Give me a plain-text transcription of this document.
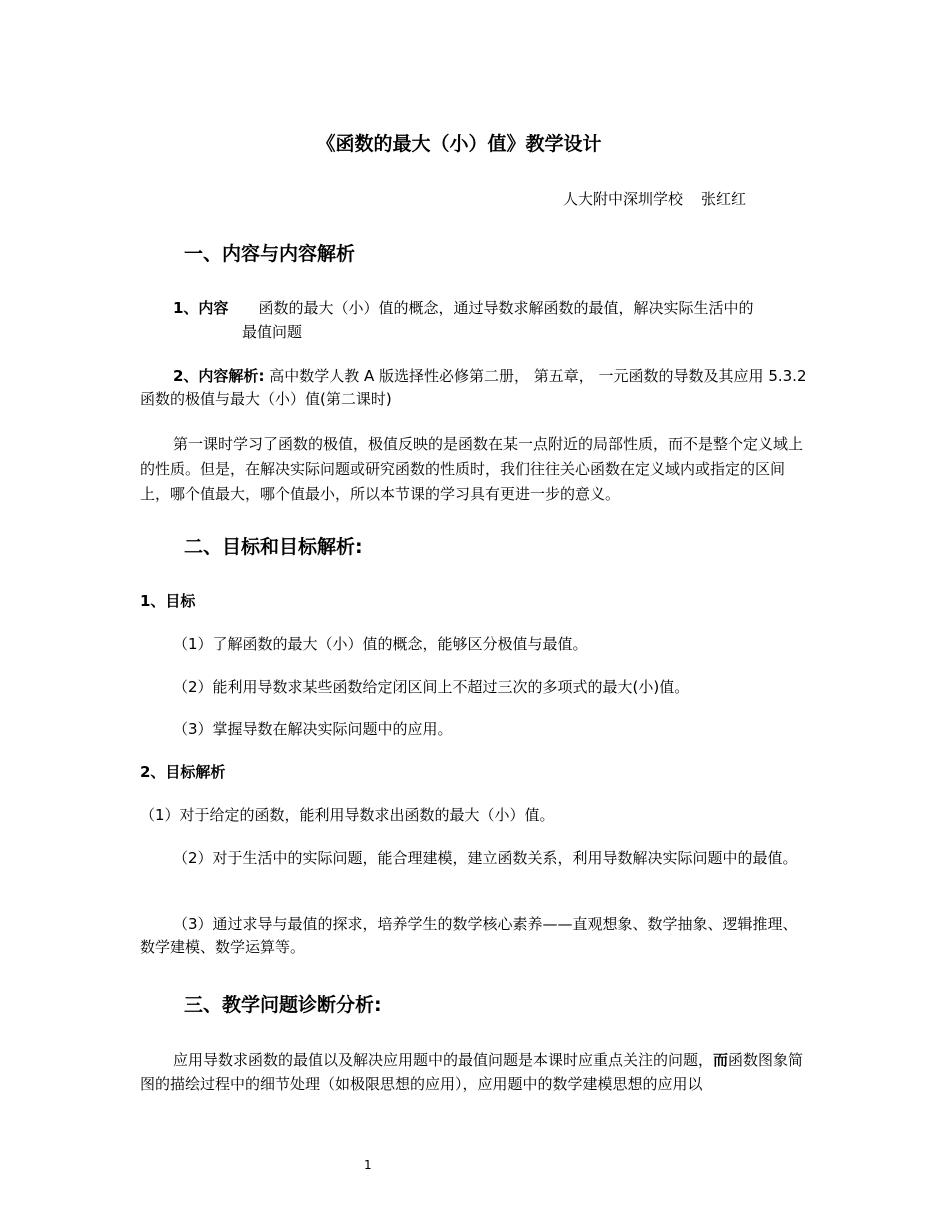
《函数的最大（小）值》教学设计
人大附中深圳学校 张红红
一、内容与内容解析
1、内容 函数的最大（小）值的概念，通过导数求解函数的最值，解决实际生活中的
最值问题
2、内容解析: 高中数学人教 A 版选择性必修第二册， 第五章， 一元函数的导数及其应用 5.3.2 函数的极值与最大（小）值(第二课时)
第一课时学习了函数的极值，极值反映的是函数在某一点附近的局部性质，而不是整个定义域上的性质。但是，在解决实际问题或研究函数的性质时，我们往往关心函数在定义域内或指定的区间上，哪个值最大，哪个值最小，所以本节课的学习具有更进一步的意义。
二、目标和目标解析:
1、目标
（1）了解函数的最大（小）值的概念，能够区分极值与最值。
（2）能利用导数求某些函数给定闭区间上不超过三次的多项式的最大(小)值。
（3）掌握导数在解决实际问题中的应用。
2、目标解析
（1）对于给定的函数，能利用导数求出函数的最大（小）值。
（2）对于生活中的实际问题，能合理建模，建立函数关系，利用导数解决实际问题中的最值。
（3）通过求导与最值的探求，培养学生的数学核心素养——直观想象、数学抽象、逻辑推理、数学建模、数学运算等。
三、教学问题诊断分析:
应用导数求函数的最值以及解决应用题中的最值问题是本课时应重点关注的问题，而函数图象简图的描绘过程中的细节处理（如极限思想的应用），应用题中的数学建模思想的应用以
1
